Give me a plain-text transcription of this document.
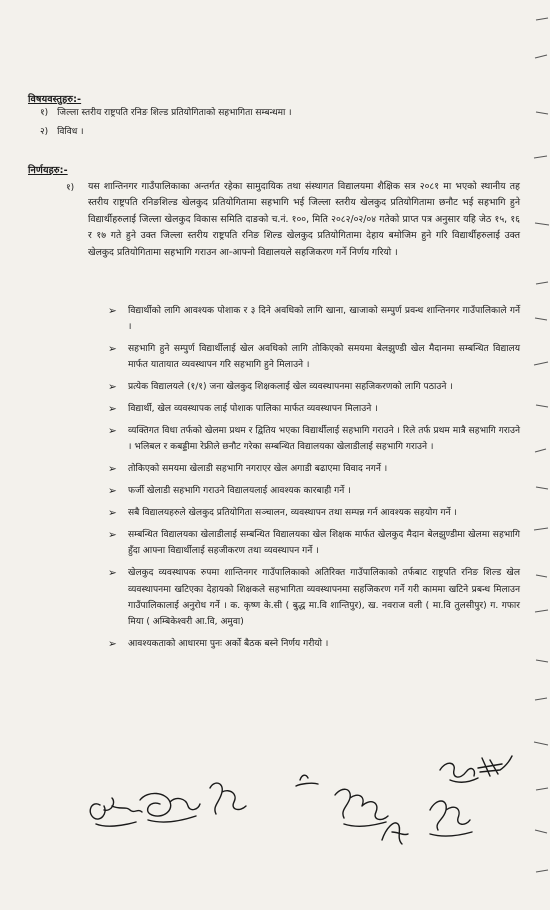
विषयवस्तुहरु:-
१) जिल्ला स्तरीय राष्ट्रपति रनिङ शिल्ड प्रतियोगिताको सहभागिता सम्बन्धमा ।
२) विविध ।
निर्णयहरु:-
१) यस शान्तिनगर गाउँपालिकाका अन्तर्गत रहेका सामुदायिक तथा संस्थागत विद्यालयमा शैक्षिक सत्र २०८१ मा भएको स्थानीय तह स्तरीय राष्ट्रपति रनिङशिल्ड खेलकुद प्रतियोगितामा सहभागि भई जिल्ला स्तरीय खेलकुद प्रतियोगितामा छनौट भई सहभागि हुने विद्यार्थीहरुलाई जिल्ला खेलकुद विकास समिति दाङको च.नं. १००, मिति २०८२/०२/०४ गतेको प्राप्त पत्र अनुसार यहि जेठ १५, १६ र १७ गते हुने उक्त जिल्ला स्तरीय राष्ट्रपति रनिङ शिल्ड खेलकुद प्रतियोगितामा देहाय बमोजिम हुने गरि विद्यार्थीहरुलाई उक्त खेलकुद प्रतियोगितामा सहभागि गराउन आ-आफ्नो विद्यालयले सहजिकरण गर्ने निर्णय गरियो ।
➢ विद्यार्थीको लागि आवश्यक पोशाक र ३ दिने अवधिको लागि खाना, खाजाको सम्पुर्ण प्रवन्ध शान्तिनगर गाउँपालिकाले गर्ने ।
➢ सहभागि हुने सम्पुर्ण विद्यार्थीलाई खेल अवधिको लागि तोकिएको समयमा बेलझुण्डी खेल मैदानमा सम्बन्धित विद्यालय मार्फत यातायात व्यवस्थापन गरि सहभागि हुने मिलाउने ।
➢ प्रत्येक विद्यालयले (१/१) जना खेलकुद शिक्षकलाई खेल व्यवस्थापनमा सहजिकरणको लागि पठाउने ।
➢ विद्यार्थी, खेल व्यवस्थापक लाई पोशाक पालिका मार्फत व्यवस्थापन मिलाउने ।
➢ व्यक्तिगत विधा तर्फको खेलमा प्रथम र द्वितिय भएका विद्यार्थीलाई सहभागि गराउने । रिले तर्फ प्रथम मात्रै सहभागि गराउने । भलिबल र कबड्डीमा रेफ्रीले छनौट गरेका सम्बन्धित विद्यालयका खेलाडीलाई सहभागि गराउने ।
➢ तोकिएको समयमा खेलाडी सहभागि नगराएर खेल अगाडी बढाएमा विवाद नगर्ने ।
➢ फर्जी खेलाडी सहभागि गराउने विद्यालयलाई आवश्यक कारबाही गर्ने ।
➢ सबै विद्यालयहरुले खेलकुद प्रतियोगिता सञ्चालन, व्यवस्थापन तथा सम्पन्न गर्न आवश्यक सहयोग गर्ने ।
➢ सम्बन्धित विद्यालयका खेलाडीलाई सम्बन्धित विद्यालयका खेल शिक्षक मार्फत खेलकुद मैदान बेलझुण्डीमा खेलमा सहभागि हुँदा आफ्ना विद्यार्थीलाई सहजीकरण तथा व्यवस्थापन गर्ने ।
➢ खेलकुद व्यवस्थापक रुपमा शान्तिनगर गाउँपालिकाको अतिरिक्त गाउँपालिकाको तर्फबाट राष्ट्रपति रनिङ शिल्ड खेल व्यवस्थापनमा खटिएका देहायको शिक्षकले सहभागिता व्यवस्थापनमा सहजिकरण गर्ने गरी काममा खटिने प्रबन्ध मिलाउन गाउँपालिकालाई अनुरोध गर्ने । क. कृष्ण के.सी ( बुद्ध मा.वि शान्तिपुर), ख. नवराज वली ( मा.वि तुलसीपुर) ग. गफार मिया ( अम्बिकेश्वरी आ.वि, अमुवा)
➢ आवश्यकताको आधारमा पुनः अर्को बैठक बस्ने निर्णय गरीयो ।
